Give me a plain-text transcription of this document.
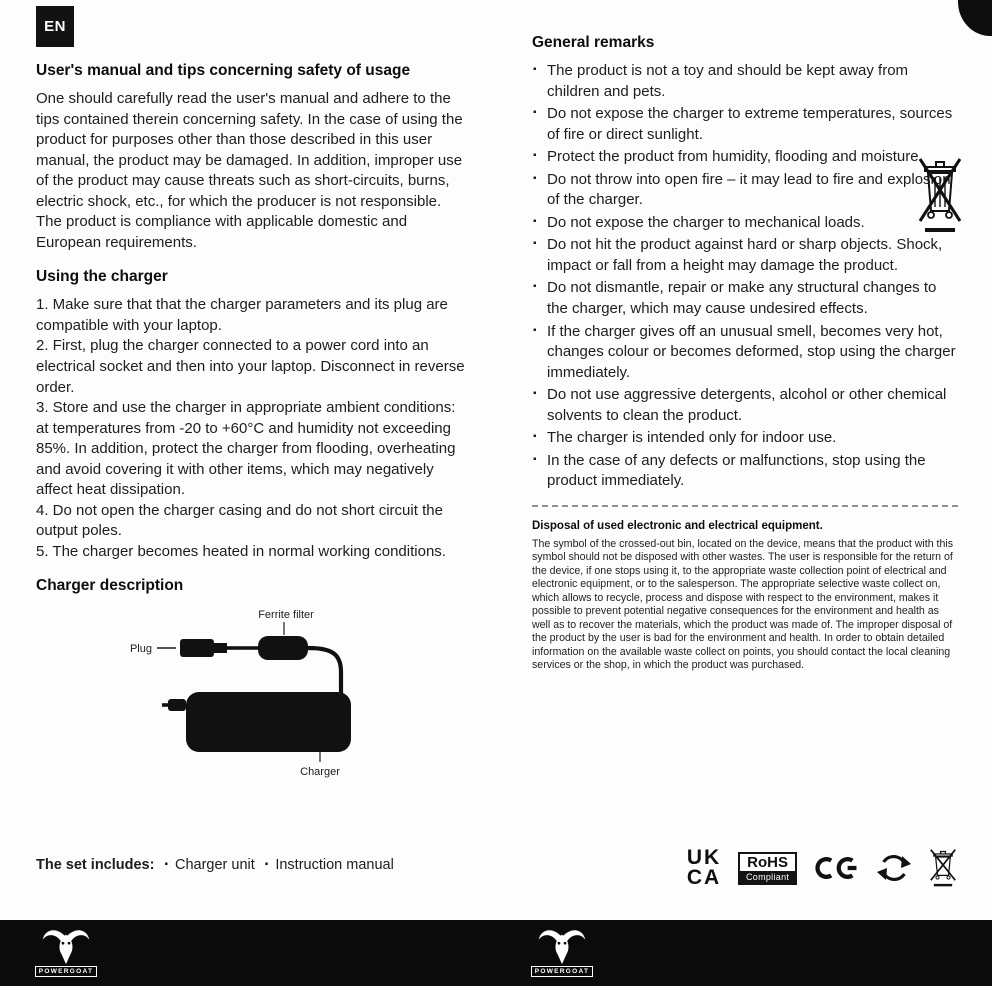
EN
User's manual and tips concerning safety of usage

One should carefully read the user's manual and adhere to the tips contained therein concerning safety. In the case of using the product for purposes other than those described in this user manual, the product may be damaged. In addition, improper use of the product may cause threats such as short-circuits, burns, electric shock, etc., for which the producer is not responsible. The product is compliance with applicable domestic and European requirements.

Using the charger

1. Make sure that that the charger parameters and its plug are compatible with your laptop.

2. First, plug the charger connected to a power cord into an electrical socket and then into your laptop. Disconnect in reverse order.

3. Store and use the charger in appropriate ambient conditions: at temperatures from -20 to +60°C and humidity not exceeding 85%. In addition, protect the charger from flooding, overheating and avoid covering it with other items, which may negatively affect heat dissipation.

4. Do not open the charger casing and do not short circuit the output poles.

5. The charger becomes heated in normal working conditions.

Charger description
Ferrite filter
Plug
Charger
The set includes: ▪ Charger unit ▪ Instruction manual
General remarks
▪ The product is not a toy and should be kept away from children and pets.
▪ Do not expose the charger to extreme temperatures, sources of fire or direct sunlight.
▪ Protect the product from humidity, flooding and moisture.
▪ Do not throw into open fire – it may lead to fire and explosion of the charger.
▪ Do not expose the charger to mechanical loads.
▪ Do not hit the product against hard or sharp objects. Shock, impact or fall from a height may damage the product.
▪ Do not dismantle, repair or make any structural changes to the charger, which may cause undesired effects.
▪ If the charger gives off an unusual smell, becomes very hot, changes colour or becomes deformed, stop using the charger immediately.
▪ Do not use aggressive detergents, alcohol or other chemical solvents to clean the product.
▪ The charger is intended only for indoor use.
▪ In the case of any defects or malfunctions, stop using the product immediately.
Disposal of used electronic and electrical equipment.

The symbol of the crossed-out bin, located on the device, means that the product with this symbol should not be disposed with other wastes. The user is responsible for the return of the device, if one stops using it, to the appropriate waste collection point of electrical and electronic equipment, or to the salesperson. The appropriate selective waste collect on, which allows to recycle, process and dispose with respect to the environment, makes it possible to prevent potential negative consequences for the environment and health as well as to recover the materials, which the product was made of. The improper disposal of the product by the user is bad for the environment and health. In order to obtain detailed information on the available waste collect on points, you should contact the local cleaning services or the shop, in which the product was purchased.

UK
CA
RoHS
Compliant
POWERGOAT	POWERGOAT
